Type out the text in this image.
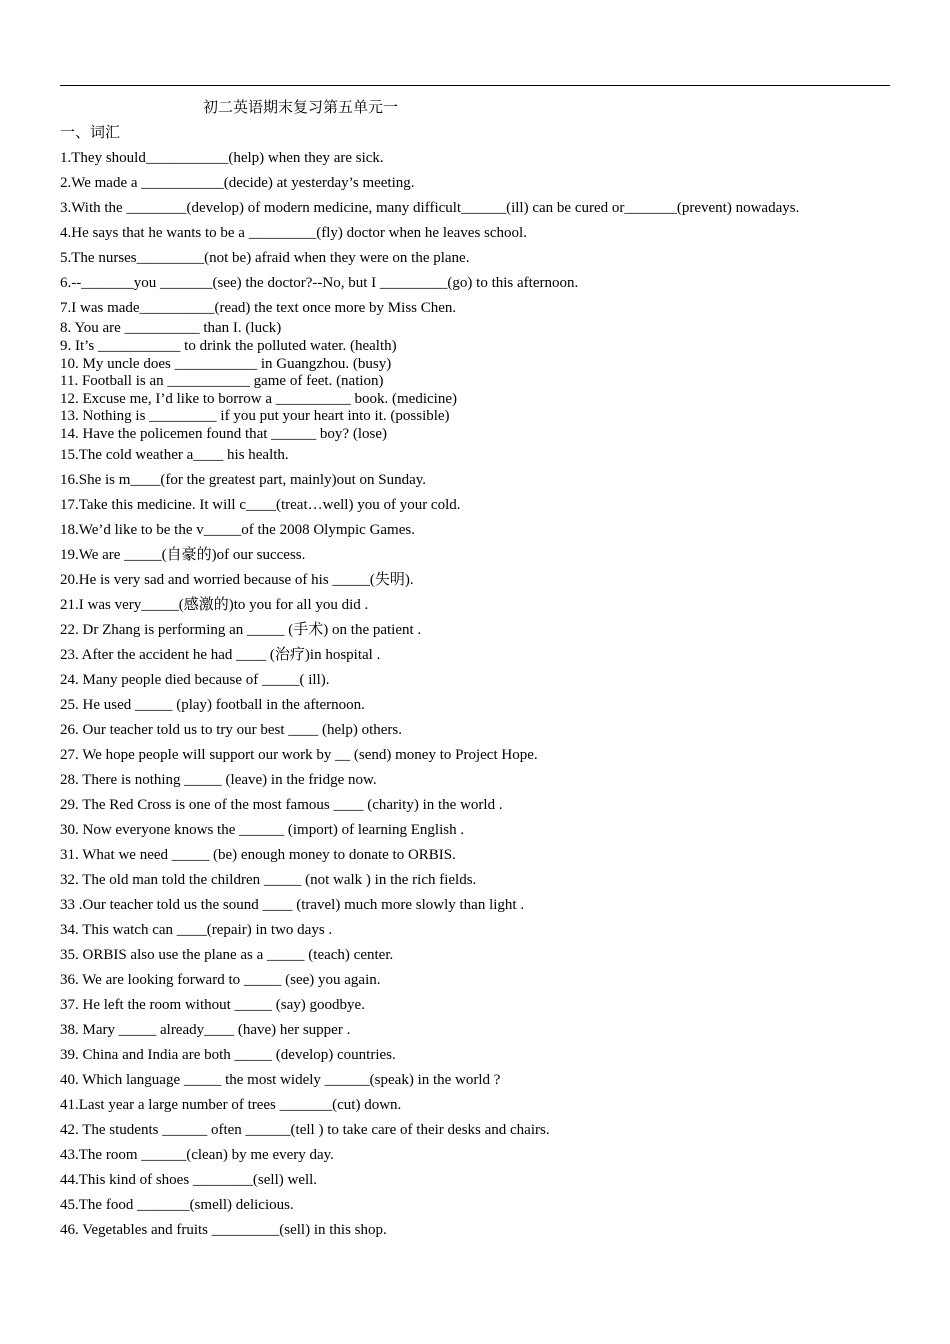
初二英语期末复习第五单元一
一、词汇
1.They should___________(help) when they are sick.
2.We made a ___________(decide) at yesterday’s meeting.
3.With the ________(develop) of modern medicine, many difficult______(ill) can be cured or_______(prevent) nowadays.
4.He says that he wants to be a _________(fly) doctor when he leaves school.
5.The nurses_________(not be) afraid when they were on the plane.
6.--_______you _______(see) the doctor?--No, but I _________(go) to this afternoon.
7.I was made__________(read) the text once more by Miss Chen.
8. You are __________ than I. (luck)
9. It’s ___________ to drink the polluted water. (health)
10. My uncle does ___________ in Guangzhou. (busy)
11. Football is an ___________ game of feet. (nation)
12. Excuse me, I’d like to borrow a __________ book. (medicine)
13. Nothing is _________ if you put your heart into it. (possible)
14. Have the policemen found that ______ boy? (lose)
15.The cold weather a____ his health.
16.She is m____(for the greatest part, mainly)out on Sunday.
17.Take this medicine. It will c____(treat…well) you of your cold.
18.We’d like to be the v_____of the 2008 Olympic Games.
19.We are _____(自豪的)of our success.
20.He is very sad and worried because of his _____(失明).
21.I was very_____(感激的)to you for all you did .
22. Dr Zhang is performing an _____ (手术) on the patient .
23. After the accident he had ____ (治疗)in hospital .
24. Many people died because of _____( ill).
25. He used _____ (play) football in the afternoon.
26. Our teacher told us to try our best ____ (help) others.
27. We hope people will support our work by __ (send) money to Project Hope.
28. There is nothing _____ (leave) in the fridge now.
29. The Red Cross is one of the most famous ____ (charity) in the world .
30. Now everyone knows the ______ (import) of learning English .
31. What we need _____ (be) enough money to donate to ORBIS.
32. The old man told the children _____ (not walk ) in the rich fields.
33 .Our teacher told us the sound ____ (travel) much more slowly than light .
34. This watch can ____(repair) in two days .
35. ORBIS also use the plane as a _____ (teach) center.
36. We are looking forward to _____ (see) you again.
37. He left the room without _____ (say) goodbye.
38. Mary _____ already____ (have) her supper .
39. China and India are both _____ (develop) countries.
40. Which language _____ the most widely ______(speak) in the world ?
41.Last year a large number of trees _______(cut) down.
42. The students ______ often ______(tell ) to take care of their desks and chairs.
43.The room ______(clean) by me every day.
44.This kind of shoes ________(sell) well.
45.The food _______(smell) delicious.
46. Vegetables and fruits _________(sell) in this shop.
